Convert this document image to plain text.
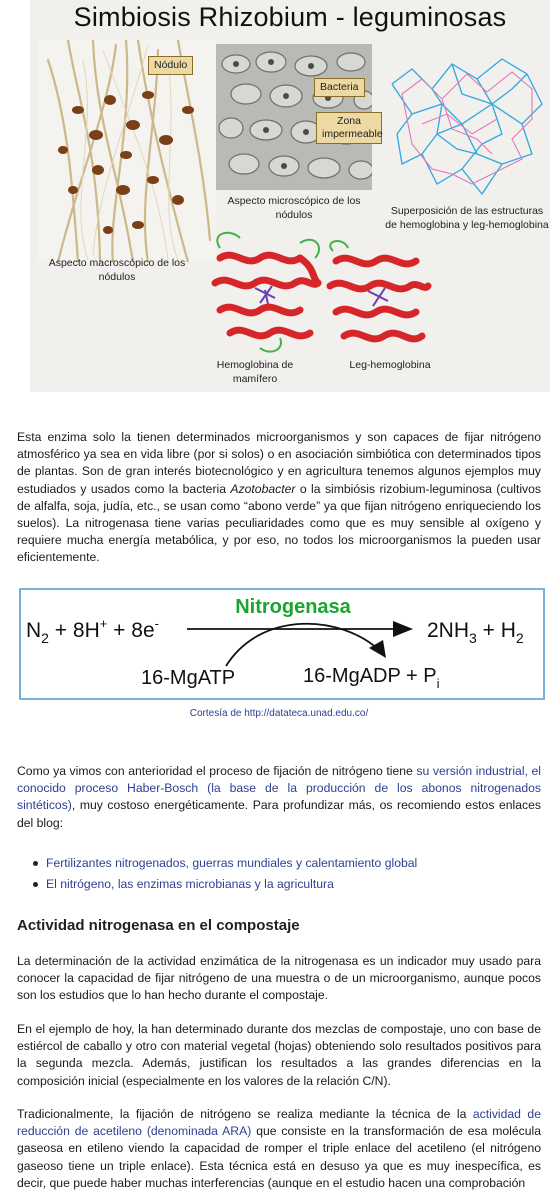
Simbiosis Rhizobium - leguminosas
Nódulo
Aspecto macroscópico de los nódulos
Bacteria
Zona impermeable
Aspecto microscópico de los nódulos	Superposición de las estructuras de hemoglobina y leg-hemoglobina
Hemoglobina de mamífero
Leg-hemoglobina
Esta enzima solo la tienen determinados microorganismos y son capaces de fijar nitrógeno atmosférico ya sea en vida libre (por si solos) o en asociación simbiótica con determinados tipos de plantas. Son de gran interés biotecnológico y en agricultura tenemos algunos ejemplos muy estudiados y usados como la bacteria Azotobacter o la simbiósis rizobium-leguminosa (cultivos de alfalfa, soja, judía, etc., se usan como “abono verde” ya que fijan nitrógeno enriqueciendo los suelos). La nitrogenasa tiene varias peculiaridades como que es muy sensible al oxígeno y requiere mucha energía metabólica, y por eso, no todos los microorganismos la pueden usar eficientemente.
Nitrogenasa
$N_2 + 8H^+ + 8e^-$	$2NH_3 + H_2$
16-MgATP	16-MgADP + $P_i$
Cortesía de http://datateca.unad.edu.co/
Como ya vimos con anterioridad el proceso de fijación de nitrógeno tiene su versión industrial, el conocido proceso Haber-Bosch (la base de la producción de los abonos nitrogenados sintéticos), muy costoso energéticamente. Para profundizar más, os recomiendo estos enlaces del blog:
Fertilizantes nitrogenados, guerras mundiales y calentamiento global
El nitrógeno, las enzimas microbianas y la agricultura
Actividad nitrogenasa en el compostaje
La determinación de la actividad enzimática de la nitrogenasa es un indicador muy usado para conocer la capacidad de fijar nitrógeno de una muestra o de un microorganismo, aunque pocos son los estudios que lo han hecho durante el compostaje.
En el ejemplo de hoy, la han determinado durante dos mezclas de compostaje, uno con base de estiércol de caballo y otro con material vegetal (hojas) obteniendo solo resultados positivos para la segunda mezcla. Además, justifican los resultados a las grandes diferencias en la composición inicial (especialmente en los valores de la relación C/N).
Tradicionalmente, la fijación de nitrógeno se realiza mediante la técnica de la actividad de reducción de acetileno (denominada ARA) que consiste en la transformación de esa molécula gaseosa en etileno viendo la capacidad de romper el triple enlace del acetileno (el nitrógeno gaseoso tiene un triple enlace). Esta técnica está en desuso ya que es muy inespecífica, es decir, que puede haber muchas interferencias (aunque en el estudio hacen una comprobación
